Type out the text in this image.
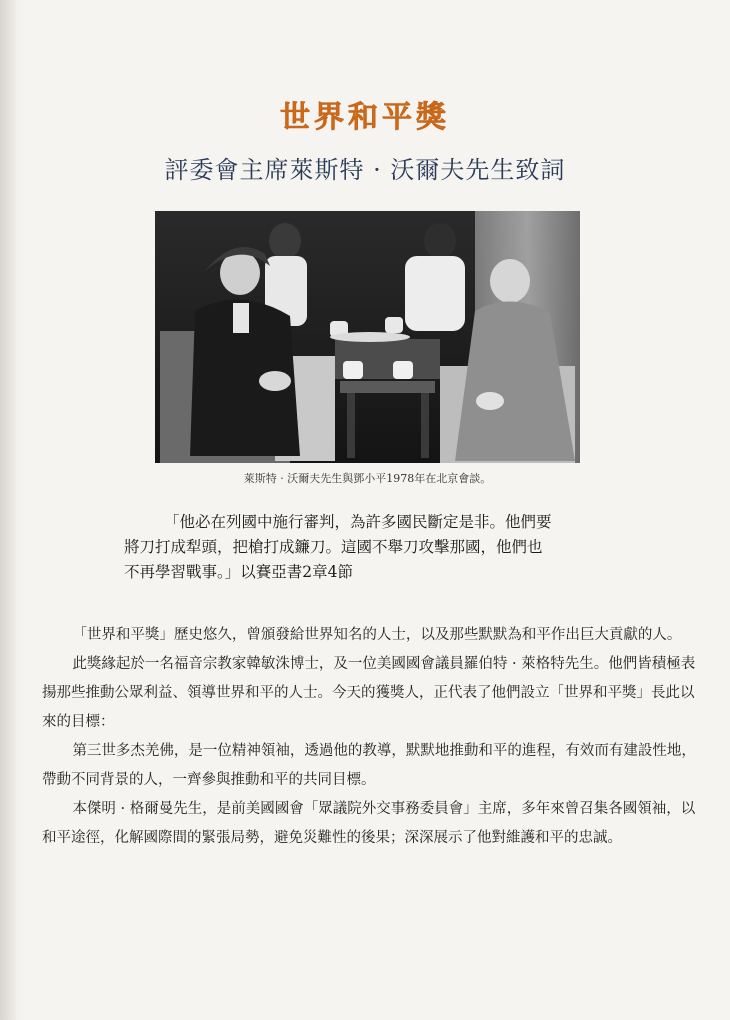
世界和平獎
評委會主席萊斯特 · 沃爾夫先生致詞
萊斯特 · 沃爾夫先生與鄧小平1978年在北京會談。
「他必在列國中施行審判，為許多國民斷定是非。他們要
將刀打成犁頭，把槍打成鐮刀。這國不舉刀攻擊那國，他們也
不再學習戰事。」以賽亞書2章4節

「世界和平獎」歷史悠久，曾頒發給世界知名的人士，以及那些默默為和平作出巨大貢獻的人。

此獎緣起於一名福音宗教家韓敏洙博士，及一位美國國會議員羅伯特 · 萊格特先生。他們皆積極表揚那些推動公眾利益、領導世界和平的人士。今天的獲獎人，正代表了他們設立「世界和平獎」長此以來的目標：

第三世多杰羌佛，是一位精神領袖，透過他的教導，默默地推動和平的進程，有效而有建設性地，帶動不同背景的人，一齊參與推動和平的共同目標。

本傑明 · 格爾曼先生，是前美國國會「眾議院外交事務委員會」主席，多年來曾召集各國領袖，以和平途徑，化解國際間的緊張局勢，避免災難性的後果；深深展示了他對維護和平的忠誠。
